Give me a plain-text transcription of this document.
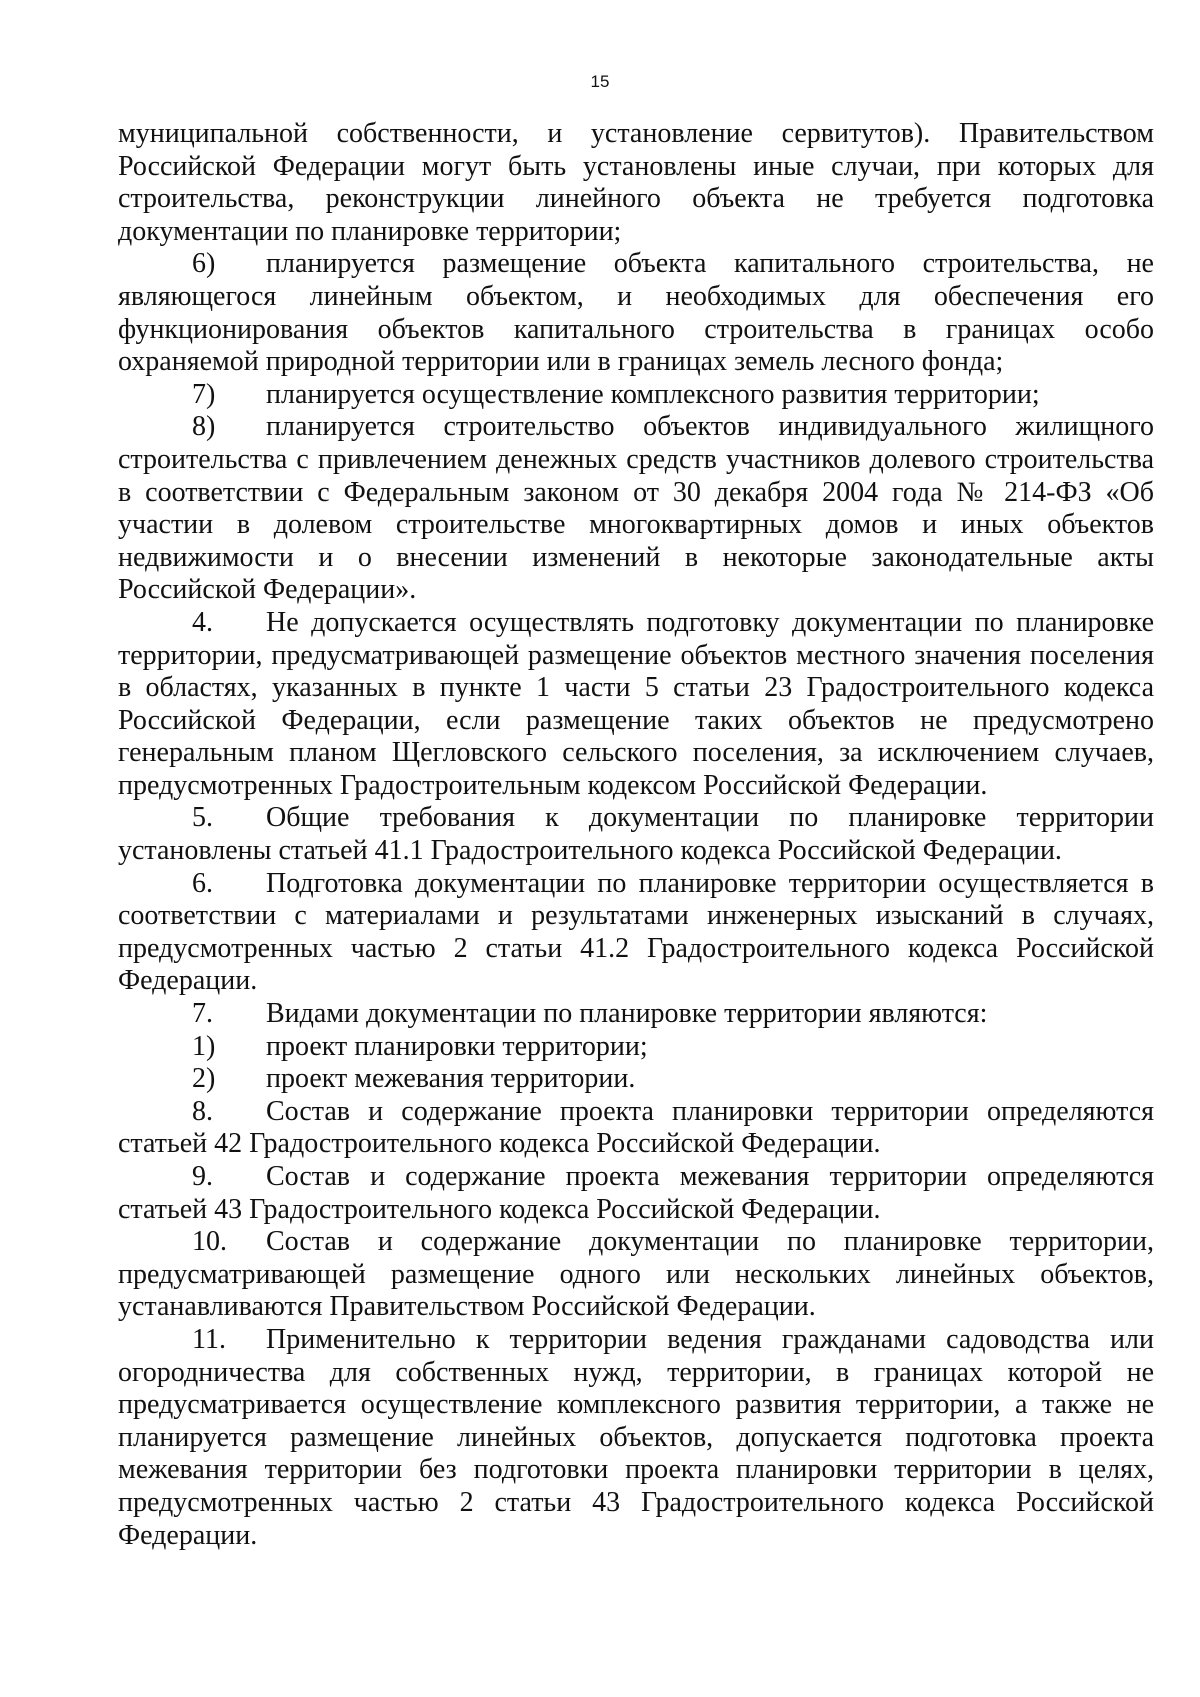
15

муниципальной собственности, и установление сервитутов). Правительством Российской Федерации могут быть установлены иные случаи, при которых для строительства, реконструкции линейного объекта не требуется подготовка документации по планировке территории;

6) планируется размещение объекта капитального строительства, не являющегося линейным объектом, и необходимых для обеспечения его функционирования объектов капитального строительства в границах особо охраняемой природной территории или в границах земель лесного фонда;

7) планируется осуществление комплексного развития территории;

8) планируется строительство объектов индивидуального жилищного строительства с привлечением денежных средств участников долевого строительства в соответствии с Федеральным законом от 30 декабря 2004 года № 214-ФЗ «Об участии в долевом строительстве многоквартирных домов и иных объектов недвижимости и о внесении изменений в некоторые законодательные акты Российской Федерации».

4. Не допускается осуществлять подготовку документации по планировке территории, предусматривающей размещение объектов местного значения поселения в областях, указанных в пункте 1 части 5 статьи 23 Градостроительного кодекса Российской Федерации, если размещение таких объектов не предусмотрено генеральным планом Щегловского сельского поселения, за исключением случаев, предусмотренных Градостроительным кодексом Российской Федерации.

5. Общие требования к документации по планировке территории установлены статьей 41.1 Градостроительного кодекса Российской Федерации.

6. Подготовка документации по планировке территории осуществляется в соответствии с материалами и результатами инженерных изысканий в случаях, предусмотренных частью 2 статьи 41.2 Градостроительного кодекса Российской Федерации.

7. Видами документации по планировке территории являются:

1) проект планировки территории;

2) проект межевания территории.

8. Состав и содержание проекта планировки территории определяются статьей 42 Градостроительного кодекса Российской Федерации.

9. Состав и содержание проекта межевания территории определяются статьей 43 Градостроительного кодекса Российской Федерации.

10. Состав и содержание документации по планировке территории, предусматривающей размещение одного или нескольких линейных объектов, устанавливаются Правительством Российской Федерации.

11. Применительно к территории ведения гражданами садоводства или огородничества для собственных нужд, территории, в границах которой не предусматривается осуществление комплексного развития территории, а также не планируется размещение линейных объектов, допускается подготовка проекта межевания территории без подготовки проекта планировки территории в целях, предусмотренных частью 2 статьи 43 Градостроительного кодекса Российской Федерации.
